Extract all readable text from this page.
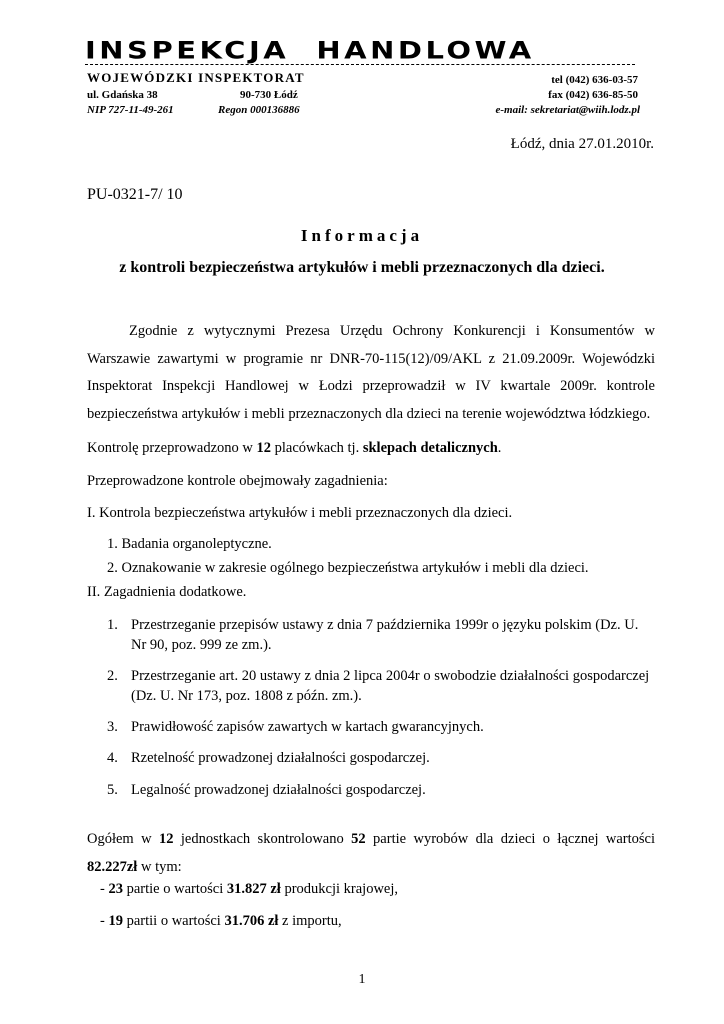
INSPEKCJA  HANDLOWA
WOJEWÓDZKI INSPEKTORAT	tel (042) 636-03-57
ul. Gdańska 38	90-730 Łódź	fax (042) 636-85-50
NIP 727-11-49-261	Regon 000136886	e-mail: sekretariat@wiih.lodz.pl
Łódź, dnia 27.01.2010r.
PU-0321-7/ 10
Informacja
z kontroli bezpieczeństwa artykułów i mebli przeznaczonych dla dzieci.

Zgodnie z wytycznymi Prezesa Urzędu Ochrony Konkurencji i Konsumentów w Warszawie zawartymi w programie nr DNR-70-115(12)/09/AKL z 21.09.2009r. Wojewódzki Inspektorat Inspekcji Handlowej w Łodzi przeprowadził w IV kwartale 2009r. kontrole bezpieczeństwa artykułów i mebli przeznaczonych dla dzieci na terenie województwa łódzkiego.

Kontrolę przeprowadzono w 12 placówkach tj. sklepach detalicznych.
Przeprowadzone kontrole obejmowały zagadnienia:
I. Kontrola bezpieczeństwa artykułów i mebli przeznaczonych dla dzieci.
1. Badania organoleptyczne.
2. Oznakowanie w zakresie ogólnego bezpieczeństwa artykułów i mebli dla dzieci.
II. Zagadnienia dodatkowe.
1. Przestrzeganie przepisów ustawy z dnia 7 października 1999r o języku polskim (Dz. U. Nr 90, poz. 999 ze zm.).
2. Przestrzeganie art. 20 ustawy z dnia 2 lipca 2004r o swobodzie działalności gospodarczej (Dz. U. Nr 173, poz. 1808 z późn. zm.).
3. Prawidłowość zapisów zawartych w kartach gwarancyjnych.
4. Rzetelność prowadzonej działalności gospodarczej.
5. Legalność prowadzonej działalności gospodarczej.

Ogółem w 12 jednostkach skontrolowano 52 partie wyrobów dla dzieci o łącznej wartości 82.227zł w tym:

- 23 partie o wartości 31.827 zł produkcji krajowej,
- 19 partii o wartości 31.706 zł z importu,
1
